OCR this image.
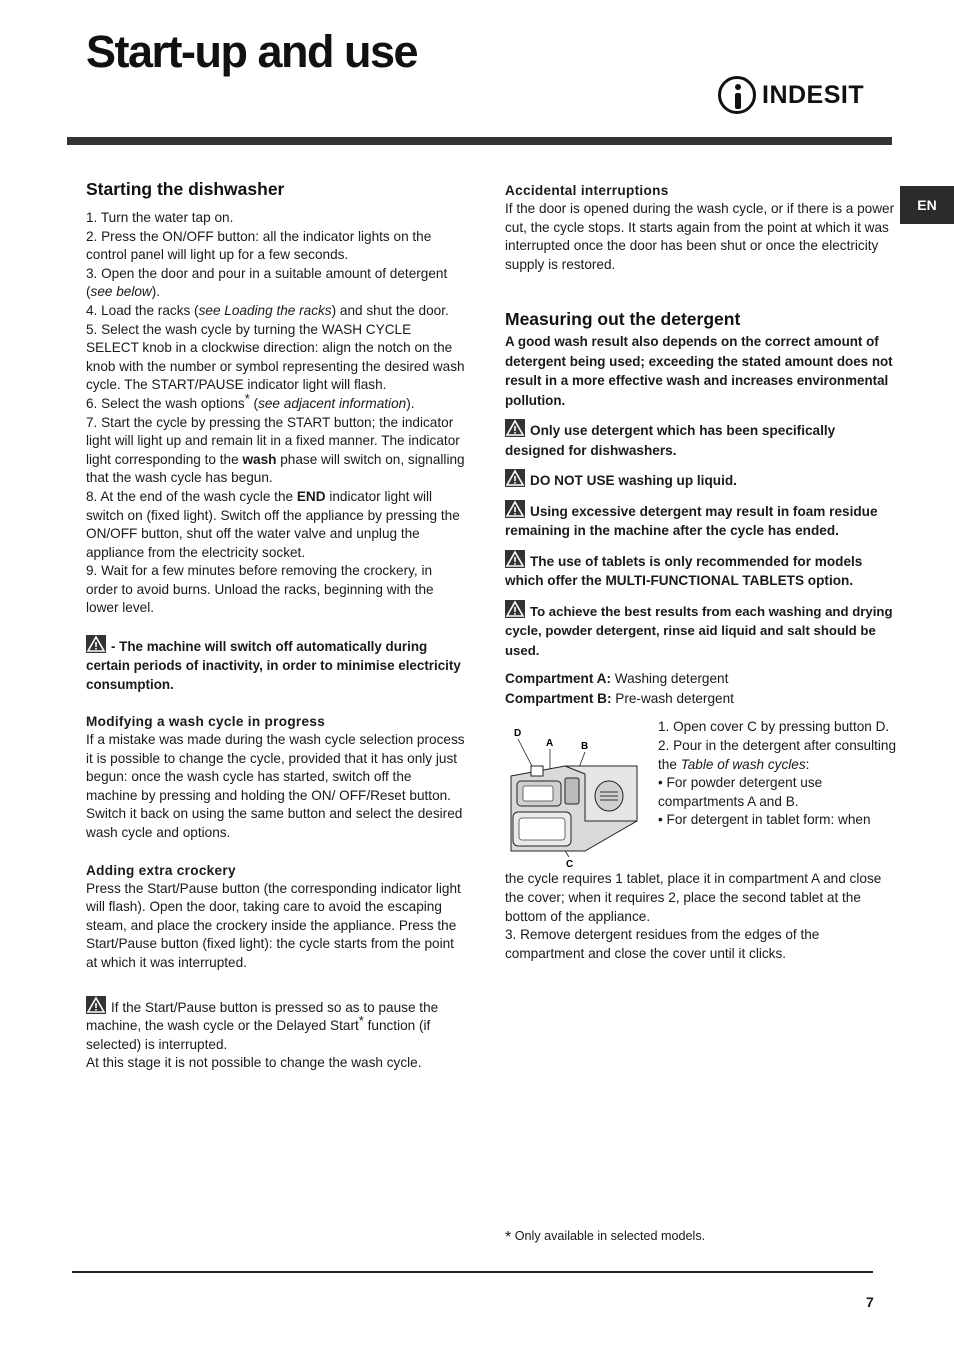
Start-up and use
INDESIT
EN
Starting the dishwasher

1. Turn the water tap on.

2. Press the ON/OFF button: all the indicator lights on the control panel will light up for a few seconds.

3. Open the door and pour in a suitable amount of detergent (see below).

4. Load the racks (see Loading the racks) and shut the door.

5. Select the wash cycle by turning the WASH CYCLE SELECT knob in a clockwise direction: align the notch on the knob with the number or symbol representing the desired wash cycle. The START/PAUSE indicator light will flash.

6. Select the wash options* (see adjacent information).

7. Start the cycle by pressing the START button; the indicator light will light up and remain lit in a fixed manner. The indicator light corresponding to the wash phase will switch on, signalling that the wash cycle has begun.

8. At the end of the wash cycle the END indicator light will switch on (fixed light). Switch off the appliance by pressing the ON/OFF button, shut off the water valve and unplug the appliance from the electricity socket.

9. Wait for a few minutes before removing the crockery, in order to avoid burns. Unload the racks, beginning with the lower level.

- The machine will switch off automatically during certain periods of inactivity, in order to minimise electricity consumption.

Modifying a wash cycle in progress

If a mistake was made during the wash cycle selection process it is possible to change the cycle, provided that it has only just begun: once the wash cycle has started, switch off the machine by pressing and holding the ON/ OFF/Reset button. Switch it back on using the same button and select the desired wash cycle and options.

Adding extra crockery

Press the Start/Pause button (the corresponding indicator light will flash). Open the door, taking care to avoid the escaping steam, and place the crockery inside the appliance. Press the Start/Pause button (fixed light): the cycle starts from the point at which it was interrupted.

If the Start/Pause button is pressed so as to pause the machine, the wash cycle or the Delayed Start* function (if selected) is interrupted.

At this stage it is not possible to change the wash cycle.

Accidental interruptions

If the door is opened during the wash cycle, or if there is a power cut, the cycle stops. It starts again from the point at which it was interrupted once the door has been shut or once the electricity supply is restored.

Measuring out the detergent

A good wash result also depends on the correct amount of detergent being used; exceeding the stated amount does not result in a more effective wash and increases environmental pollution.

Only use detergent which has been specifically designed for dishwashers.

DO NOT USE washing up liquid.

Using excessive detergent may result in foam residue remaining in the machine after the cycle has ended.

The use of tablets is only recommended for models which offer the MULTI-FUNCTIONAL TABLETS option.

To achieve the best results from each washing and drying cycle, powder detergent, rinse aid liquid and salt should be used.

Compartment A: Washing detergent

Compartment B: Pre-wash detergent

D
A	B
C

1. Open cover C by pressing button D.

2. Pour in the detergent after consulting the Table of wash cycles:

• For powder detergent use compartments A and B.

• For detergent in tablet form: when

the cycle requires 1 tablet, place it in compartment A and close the cover; when it requires 2, place the second tablet at the bottom of the appliance.

3. Remove detergent residues from the edges of the compartment and close the cover until it clicks.

* Only available in selected models.
7
